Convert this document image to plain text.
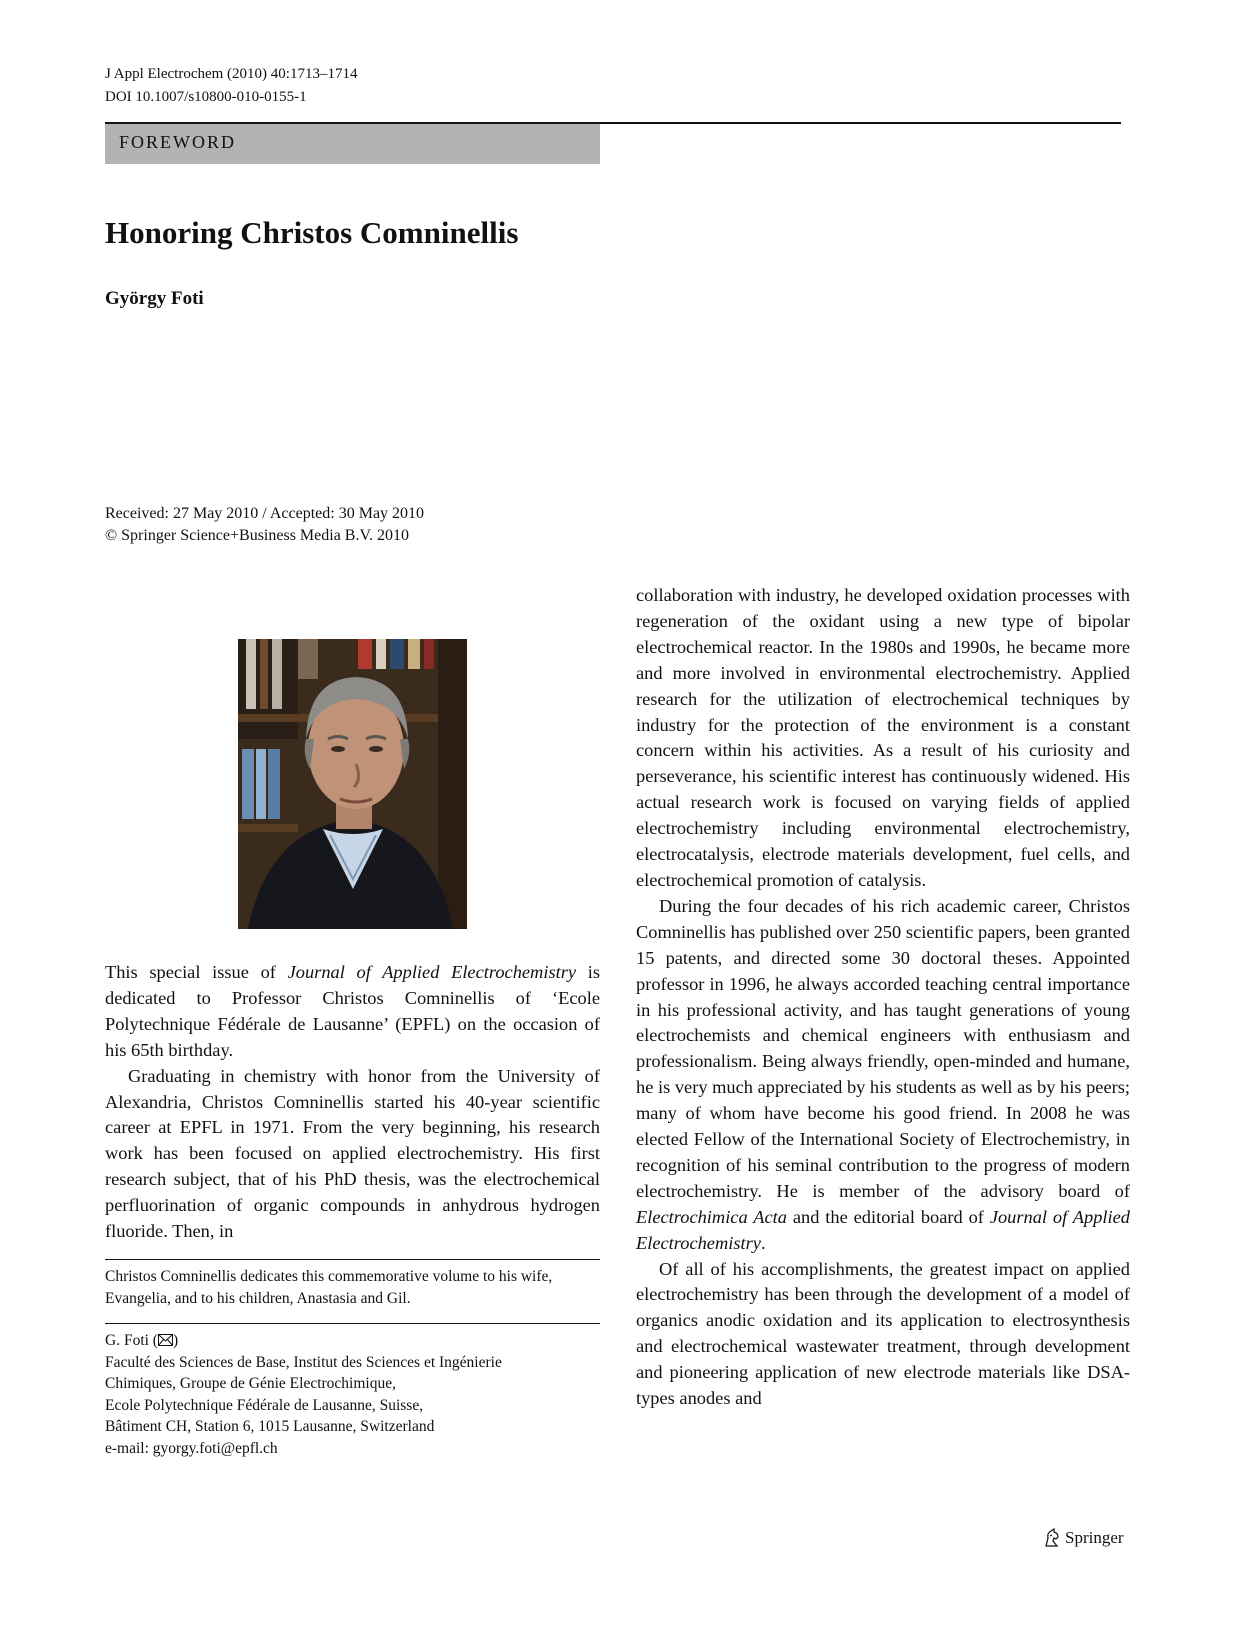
J Appl Electrochem (2010) 40:1713–1714
DOI 10.1007/s10800-010-0155-1
FOREWORD
Honoring Christos Comninellis
György Foti
Received: 27 May 2010 / Accepted: 30 May 2010
© Springer Science+Business Media B.V. 2010

This special issue of Journal of Applied Electrochemistry is dedicated to Professor Christos Comninellis of ‘Ecole Polytechnique Fédérale de Lausanne’ (EPFL) on the occasion of his 65th birthday.

Graduating in chemistry with honor from the University of Alexandria, Christos Comninellis started his 40-year scientific career at EPFL in 1971. From the very beginning, his research work has been focused on applied electrochemistry. His first research subject, that of his PhD thesis, was the electrochemical perfluorination of organic compounds in anhydrous hydrogen fluoride. Then, in

Christos Comninellis dedicates this commemorative volume to his wife, Evangelia, and to his children, Anastasia and Gil.
G. Foti ( )
Faculté des Sciences de Base, Institut des Sciences et Ingénierie
Chimiques, Groupe de Génie Electrochimique,
Ecole Polytechnique Fédérale de Lausanne, Suisse,
Bâtiment CH, Station 6, 1015 Lausanne, Switzerland
e-mail: gyorgy.foti@epfl.ch

collaboration with industry, he developed oxidation processes with regeneration of the oxidant using a new type of bipolar electrochemical reactor. In the 1980s and 1990s, he became more and more involved in environmental electrochemistry. Applied research for the utilization of electrochemical techniques by industry for the protection of the environment is a constant concern within his activities. As a result of his curiosity and perseverance, his scientific interest has continuously widened. His actual research work is focused on varying fields of applied electrochemistry including environmental electrochemistry, electrocatalysis, electrode materials development, fuel cells, and electrochemical promotion of catalysis.

During the four decades of his rich academic career, Christos Comninellis has published over 250 scientific papers, been granted 15 patents, and directed some 30 doctoral theses. Appointed professor in 1996, he always accorded teaching central importance in his professional activity, and has taught generations of young electrochemists and chemical engineers with enthusiasm and professionalism. Being always friendly, open-minded and humane, he is very much appreciated by his students as well as by his peers; many of whom have become his good friend. In 2008 he was elected Fellow of the International Society of Electrochemistry, in recognition of his seminal contribution to the progress of modern electrochemistry. He is member of the advisory board of Electrochimica Acta and the editorial board of Journal of Applied Electrochemistry.

Of all of his accomplishments, the greatest impact on applied electrochemistry has been through the development of a model of organics anodic oxidation and its application to electrosynthesis and electrochemical wastewater treatment, through development and pioneering application of new electrode materials like DSA-types anodes and

Springer
